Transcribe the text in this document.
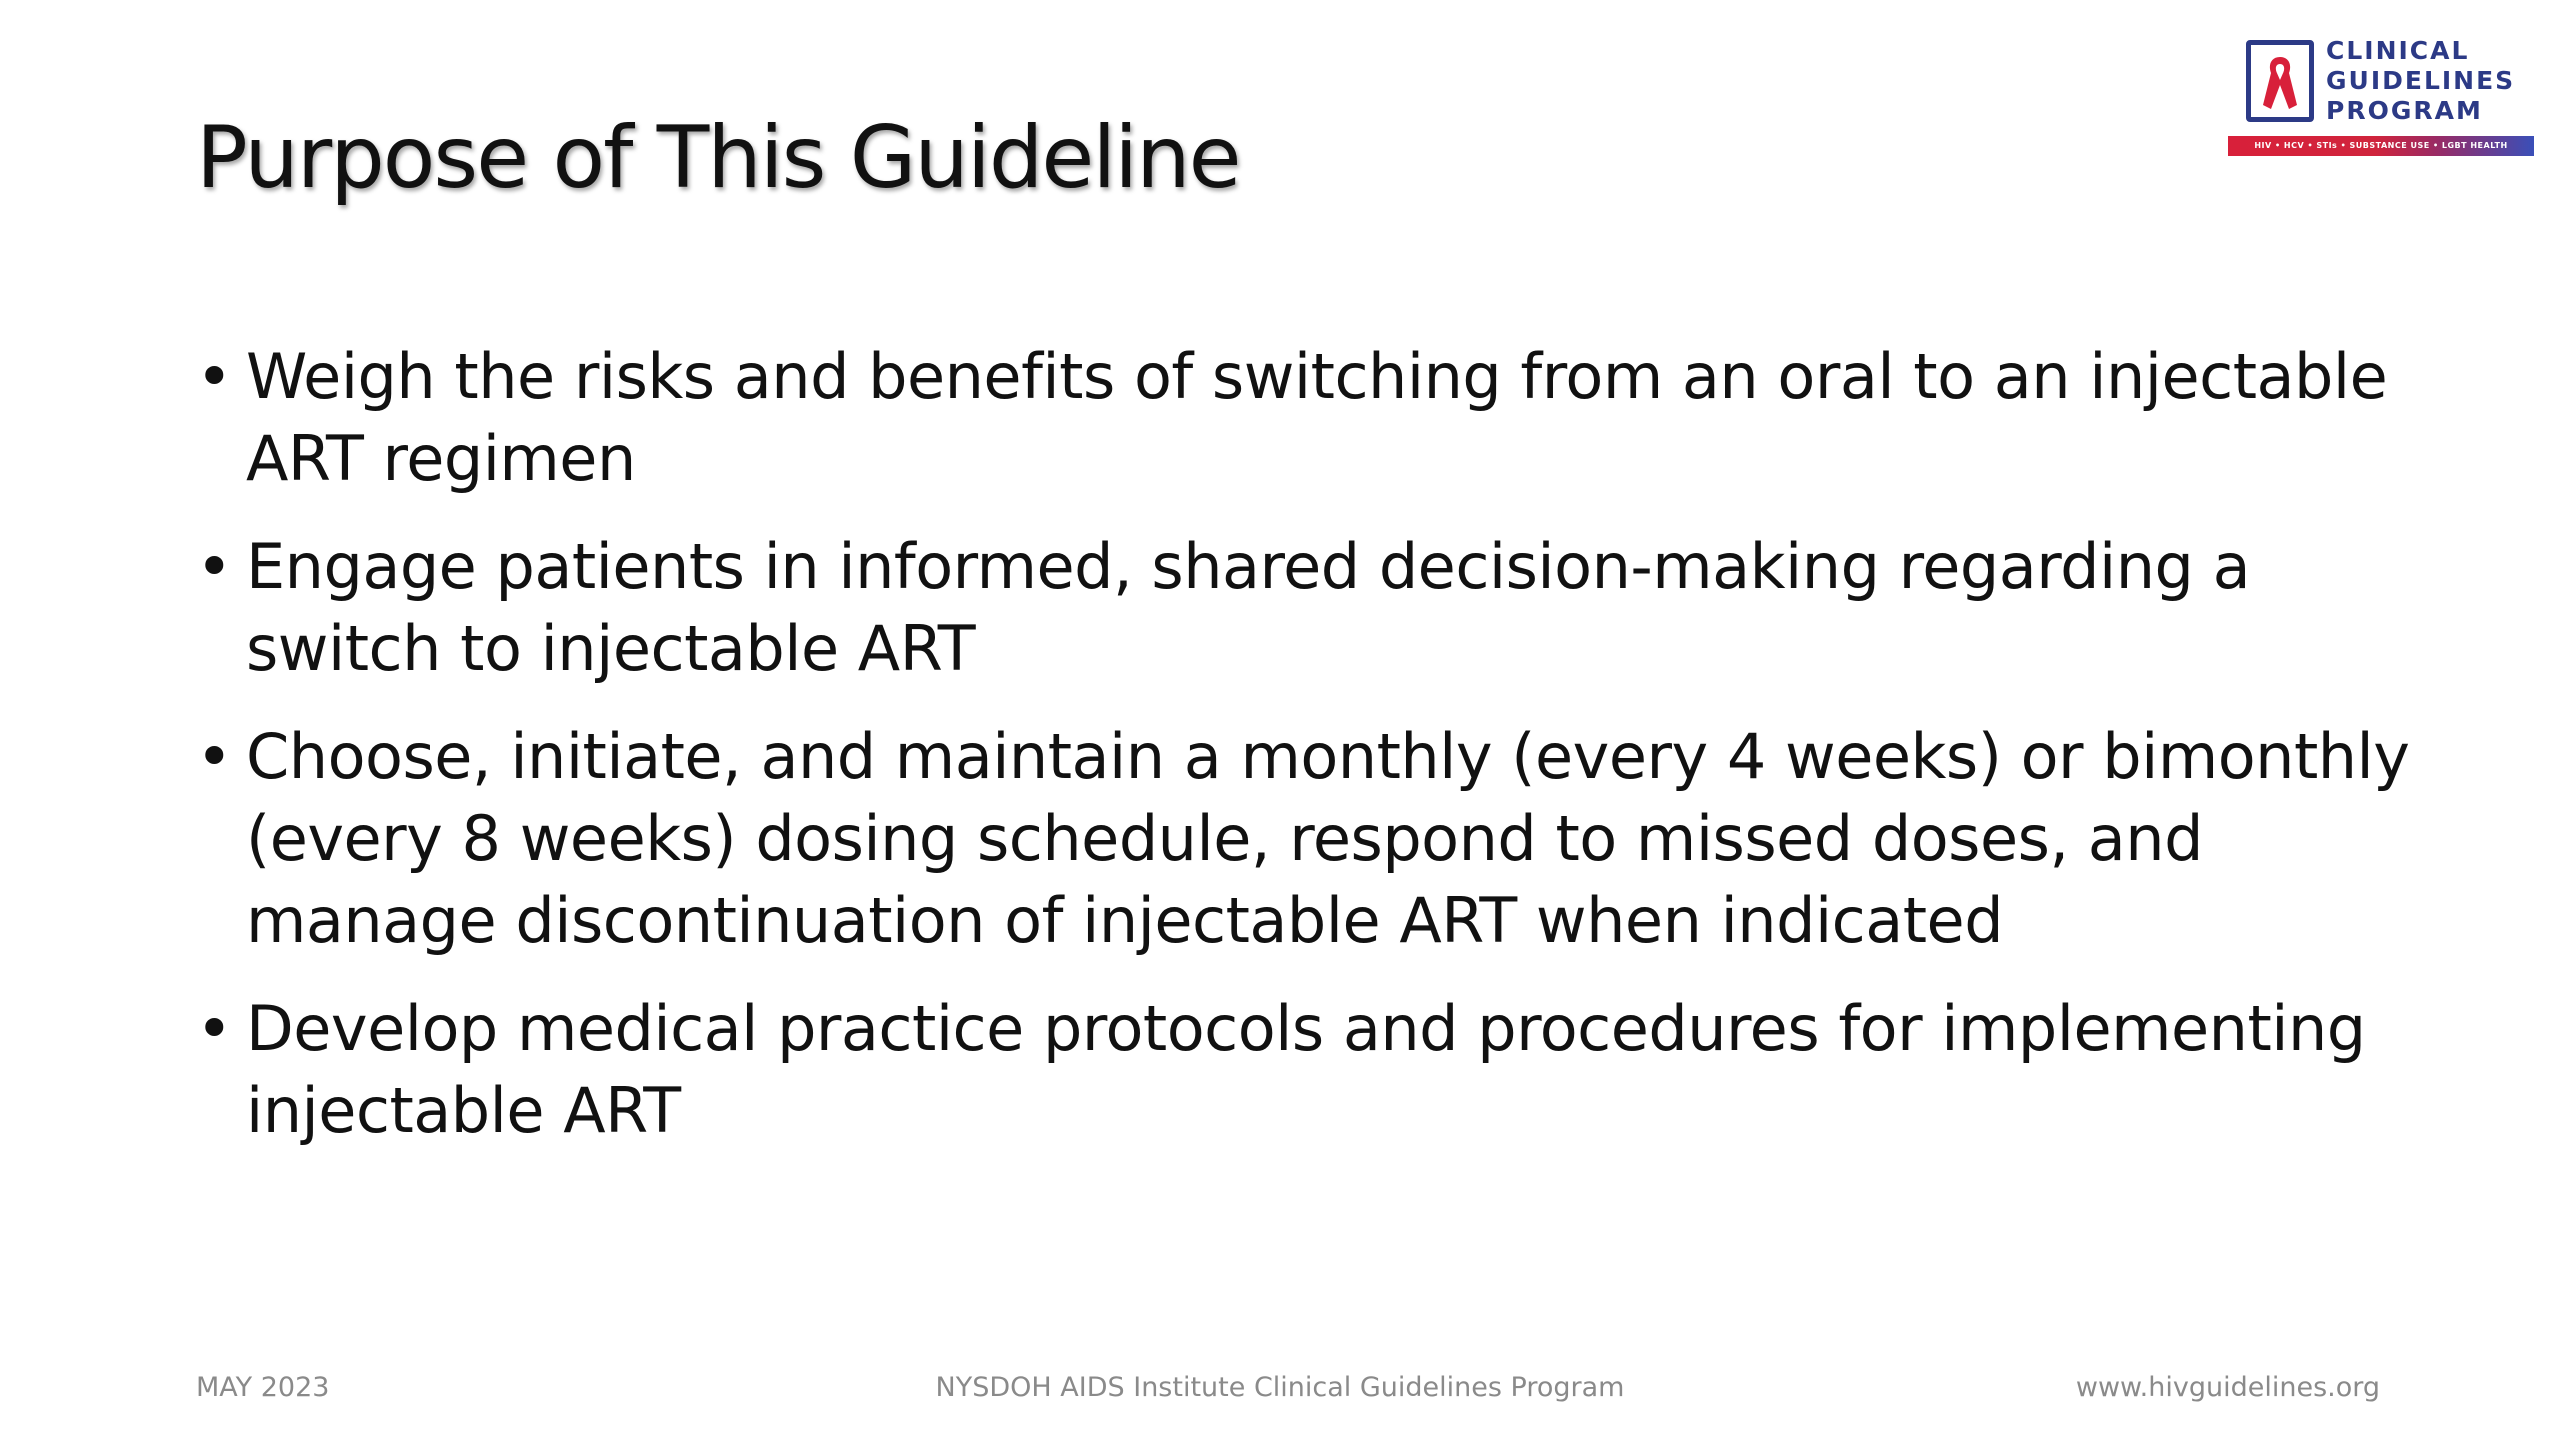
Purpose of This Guideline
CLINICAL
GUIDELINES
PROGRAM
HIV • HCV • STIs • SUBSTANCE USE • LGBT HEALTH
• Weigh the risks and benefits of switching from an oral to an injectable ART regimen
• Engage patients in informed, shared decision-making regarding a switch to injectable ART
• Choose, initiate, and maintain a monthly (every 4 weeks) or bimonthly (every 8 weeks) dosing schedule, respond to missed doses, and manage discontinuation of injectable ART when indicated
• Develop medical practice protocols and procedures for implementing injectable ART
MAY 2023	NYSDOH AIDS Institute Clinical Guidelines Program	www.hivguidelines.org
